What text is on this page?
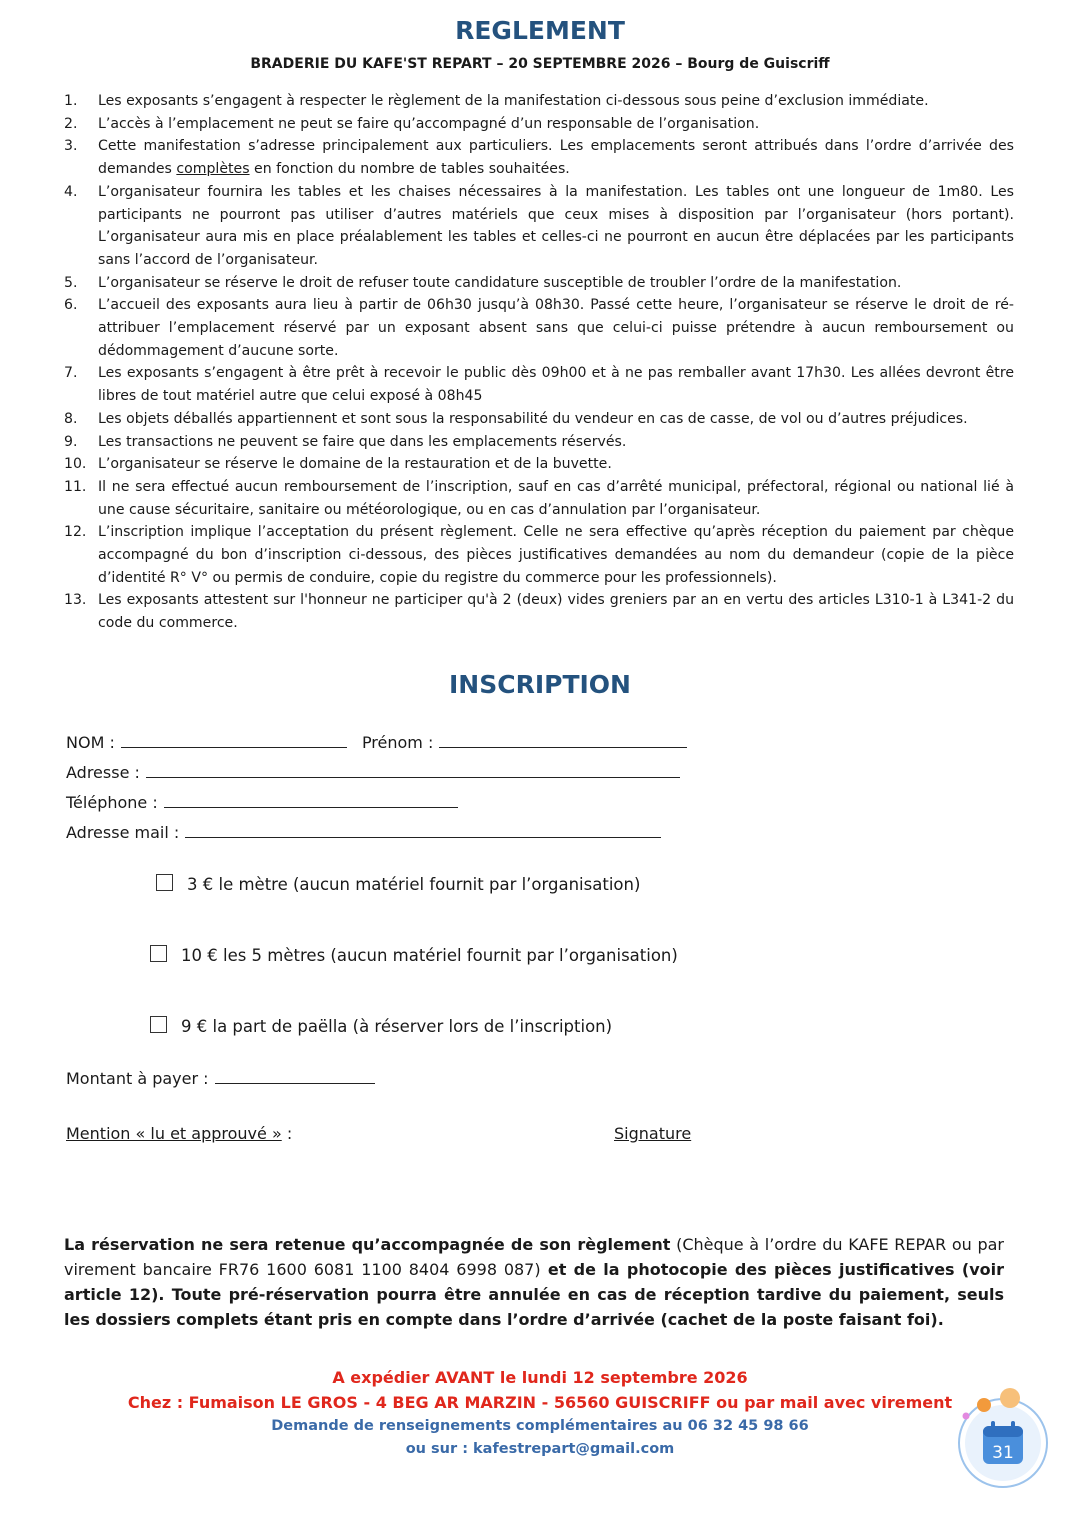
REGLEMENT
BRADERIE DU KAFE'ST REPART – 20 SEPTEMBRE 2026 – Bourg de Guiscriff
1. Les exposants s’engagent à respecter le règlement de la manifestation ci-dessous sous peine d’exclusion immédiate.
2. L’accès à l’emplacement ne peut se faire qu’accompagné d’un responsable de l’organisation.
3. Cette manifestation s’adresse principalement aux particuliers. Les emplacements seront attribués dans l’ordre d’arrivée des demandes complètes en fonction du nombre de tables souhaitées.
4. L’organisateur fournira les tables et les chaises nécessaires à la manifestation. Les tables ont une longueur de 1m80. Les participants ne pourront pas utiliser d’autres matériels que ceux mises à disposition par l’organisateur (hors portant). L’organisateur aura mis en place préalablement les tables et celles-ci ne pourront en aucun être déplacées par les participants sans l’accord de l’organisateur.
5. L’organisateur se réserve le droit de refuser toute candidature susceptible de troubler l’ordre de la manifestation.
6. L’accueil des exposants aura lieu à partir de 06h30 jusqu’à 08h30. Passé cette heure, l’organisateur se réserve le droit de ré-attribuer l’emplacement réservé par un exposant absent sans que celui-ci puisse prétendre à aucun remboursement ou dédommagement d’aucune sorte.
7. Les exposants s’engagent à être prêt à recevoir le public dès 09h00 et à ne pas remballer avant 17h30. Les allées devront être libres de tout matériel autre que celui exposé à 08h45
8. Les objets déballés appartiennent et sont sous la responsabilité du vendeur en cas de casse, de vol ou d’autres préjudices.
9. Les transactions ne peuvent se faire que dans les emplacements réservés.
10. L’organisateur se réserve le domaine de la restauration et de la buvette.
11. Il ne sera effectué aucun remboursement de l’inscription, sauf en cas d’arrêté municipal, préfectoral, régional ou national lié à une cause sécuritaire, sanitaire ou météorologique, ou en cas d’annulation par l’organisateur.
12. L’inscription implique l’acceptation du présent règlement. Celle ne sera effective qu’après réception du paiement par chèque accompagné du bon d’inscription ci-dessous, des pièces justificatives demandées au nom du demandeur (copie de la pièce d’identité R° V° ou permis de conduire, copie du registre du commerce pour les professionnels).
13. Les exposants attestent sur l'honneur ne participer qu'à 2 (deux) vides greniers par an en vertu des articles L310-1 à L341-2 du code du commerce.
INSCRIPTION
NOM :	Prénom :
Adresse :
Téléphone :
Adresse mail :
3 € le mètre (aucun matériel fournit par l’organisation)
10 € les 5 mètres (aucun matériel fournit par l’organisation)
9 € la part de paëlla (à réserver lors de l’inscription)
Montant à payer :
Mention « lu et approuvé » :	Signature
La réservation ne sera retenue qu’accompagnée de son règlement (Chèque à l’ordre du KAFE REPAR ou par virement bancaire FR76 1600 6081 1100 8404 6998 087) et de la photocopie des pièces justificatives (voir article 12). Toute pré-réservation pourra être annulée en cas de réception tardive du paiement, seuls les dossiers complets étant pris en compte dans l’ordre d’arrivée (cachet de la poste faisant foi).
A expédier AVANT le lundi 12 septembre 2026
Chez : Fumaison LE GROS - 4 BEG AR MARZIN - 56560 GUISCRIFF ou par mail avec virement
Demande de renseignements complémentaires au 06 32 45 98 66
ou sur : kafestrepart@gmail.com	31
